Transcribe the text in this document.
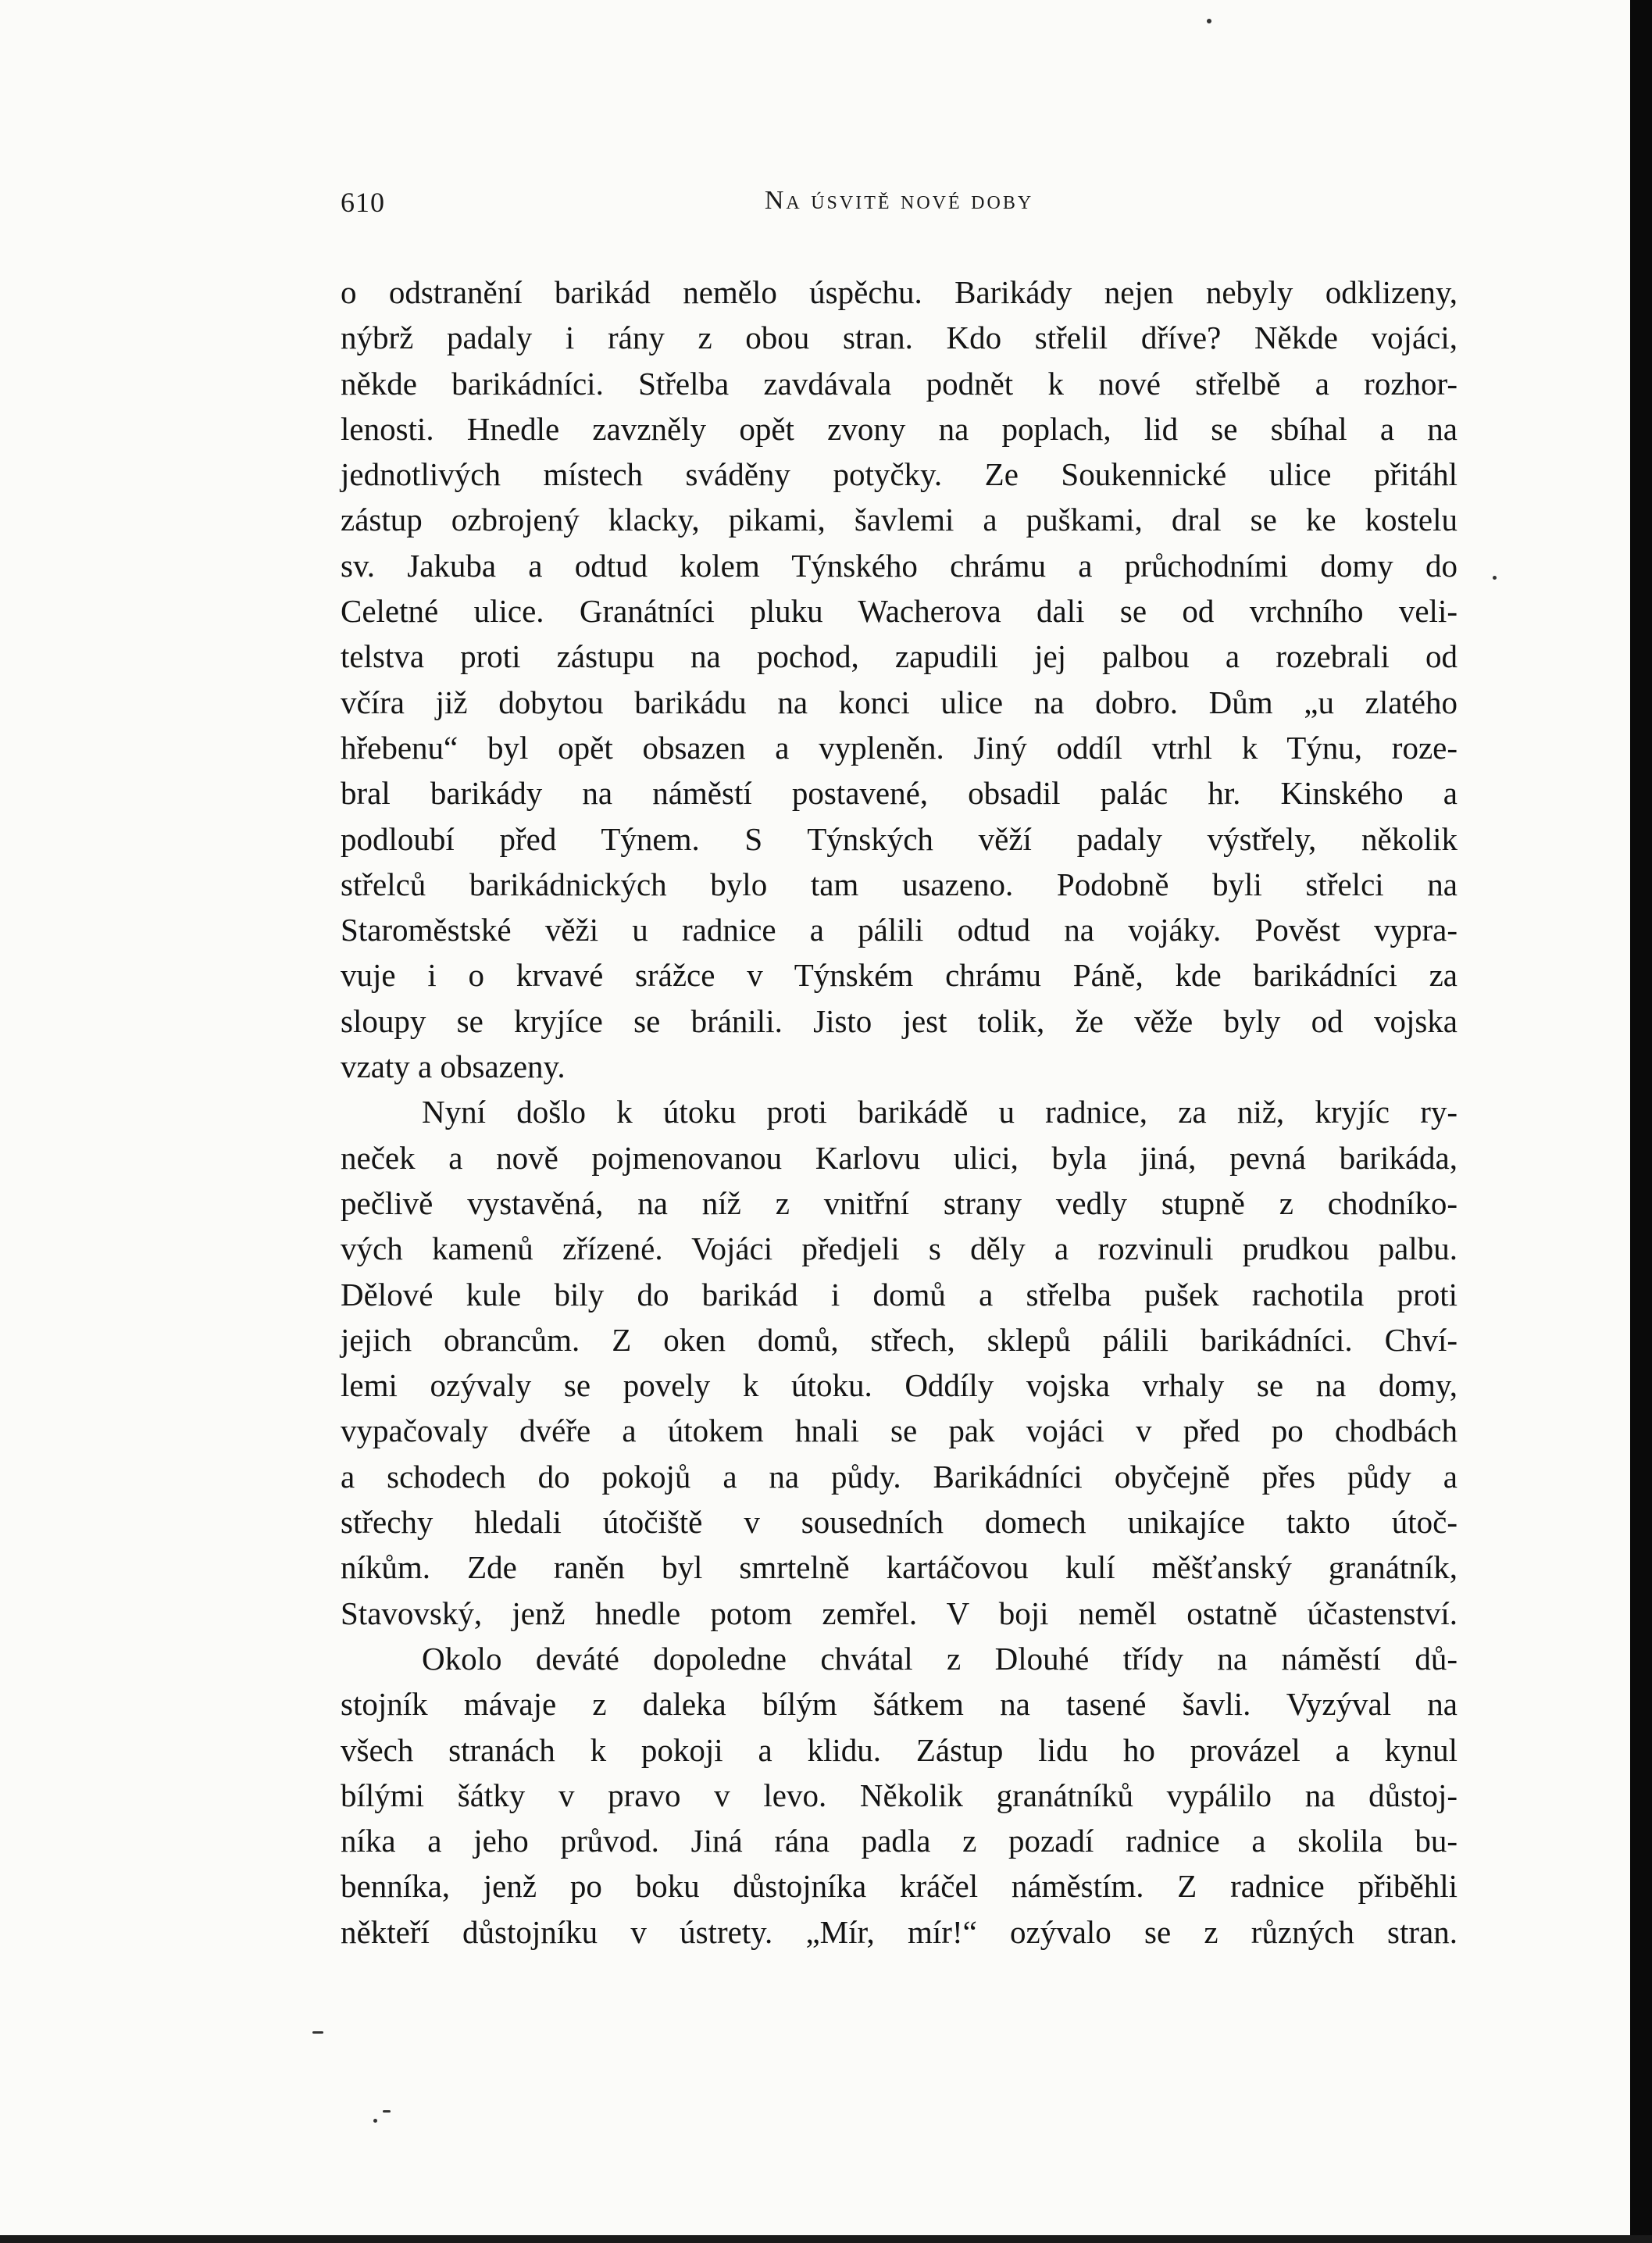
610	Na úsvitě nové doby
o odstranění barikád nemělo úspěchu. Barikády nejen nebyly odklizeny,
nýbrž padaly i rány z obou stran. Kdo střelil dříve? Někde vojáci,
někde barikádníci. Střelba zavdávala podnět k nové střelbě a rozhor-
lenosti. Hnedle zavzněly opět zvony na poplach, lid se sbíhal a na
jednotlivých místech sváděny potyčky. Ze Soukennické ulice přitáhl
zástup ozbrojený klacky, pikami, šavlemi a puškami, dral se ke kostelu
sv. Jakuba a odtud kolem Týnského chrámu a průchodními domy do
Celetné ulice. Granátníci pluku Wacherova dali se od vrchního veli-
telstva proti zástupu na pochod, zapudili jej palbou a rozebrali od
včíra již dobytou barikádu na konci ulice na dobro. Dům „u zlatého
hřebenu“ byl opět obsazen a vypleněn. Jiný oddíl vtrhl k Týnu, roze-
bral barikády na náměstí postavené, obsadil palác hr. Kinského a
podloubí před Týnem. S Týnských věží padaly výstřely, několik
střelců barikádnických bylo tam usazeno. Podobně byli střelci na
Staroměstské věži u radnice a pálili odtud na vojáky. Pověst vypra-
vuje i o krvavé srážce v Týnském chrámu Páně, kde barikádníci za
sloupy se kryjíce se bránili. Jisto jest tolik, že věže byly od vojska
vzaty a obsazeny.
Nyní došlo k útoku proti barikádě u radnice, za niž, kryjíc ry-
neček a nově pojmenovanou Karlovu ulici, byla jiná, pevná barikáda,
pečlivě vystavěná, na níž z vnitřní strany vedly stupně z chodníko-
vých kamenů zřízené. Vojáci předjeli s děly a rozvinuli prudkou palbu.
Dělové kule bily do barikád i domů a střelba pušek rachotila proti
jejich obrancům. Z oken domů, střech, sklepů pálili barikádníci. Chví-
lemi ozývaly se povely k útoku. Oddíly vojska vrhaly se na domy,
vypačovaly dvéře a útokem hnali se pak vojáci v před po chodbách
a schodech do pokojů a na půdy. Barikádníci obyčejně přes půdy a
střechy hledali útočiště v sousedních domech unikajíce takto útoč-
níkům. Zde raněn byl smrtelně kartáčovou kulí měšťanský granátník,
Stavovský, jenž hnedle potom zemřel. V boji neměl ostatně účastenství.
Okolo deváté dopoledne chvátal z Dlouhé třídy na náměstí dů-
stojník mávaje z daleka bílým šátkem na tasené šavli. Vyzýval na
všech stranách k pokoji a klidu. Zástup lidu ho provázel a kynul
bílými šátky v pravo v levo. Několik granátníků vypálilo na důstoj-
níka a jeho průvod. Jiná rána padla z pozadí radnice a skolila bu-
bеnníka, jenž po boku důstojníka kráčel náměstím. Z radnice přiběhli
někteří důstojníku v ústrety. „Mír, mír!“ ozývalo se z různých stran.
